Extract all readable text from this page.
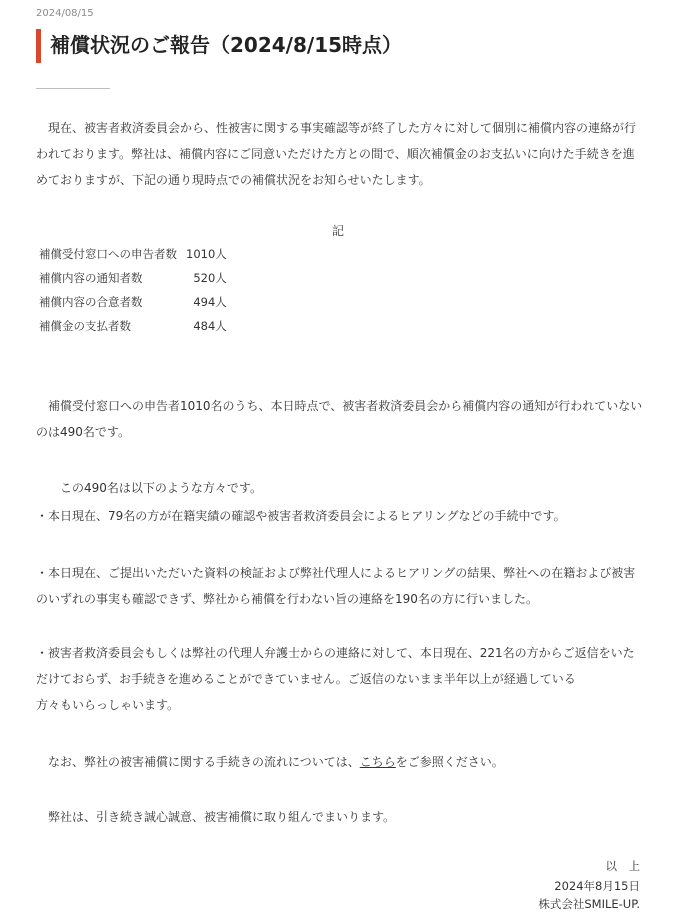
2024/08/15
補償状況のご報告（2024/8/15時点）

　現在、被害者救済委員会から、性被害に関する事実確認等が終了した方々に対して個別に補償内容の連絡が行われております。弊社は、補償内容にご同意いただけた方との間で、順次補償金のお支払いに向けた手続きを進めておりますが、下記の通り現時点での補償状況をお知らせいたします。

記
補償受付窓口への申告者数	1010人
補償内容の通知者数	520人
補償内容の合意者数	494人
補償金の支払者数	484人

　補償受付窓口への申告者1010名のうち、本日時点で、被害者救済委員会から補償内容の通知が行われていないのは490名です。

　　この490名は以下のような方々です。

・本日現在、79名の方が在籍実績の確認や被害者救済委員会によるヒアリングなどの手続中です。

・本日現在、ご提出いただいた資料の検証および弊社代理人によるヒアリングの結果、弊社への在籍および被害のいずれの事実も確認できず、弊社から補償を行わない旨の連絡を190名の方に行いました。

・被害者救済委員会もしくは弊社の代理人弁護士からの連絡に対して、本日現在、221名の方からご返信をいただけておらず、お手続きを進めることができていません。ご返信のないまま半年以上が経過している

方々もいらっしゃいます。

　なお、弊社の被害補償に関する手続きの流れについては、こちらをご参照ください。

　弊社は、引き続き誠心誠意、被害補償に取り組んでまいります。

以　上
2024年8月15日
株式会社SMILE-UP.
